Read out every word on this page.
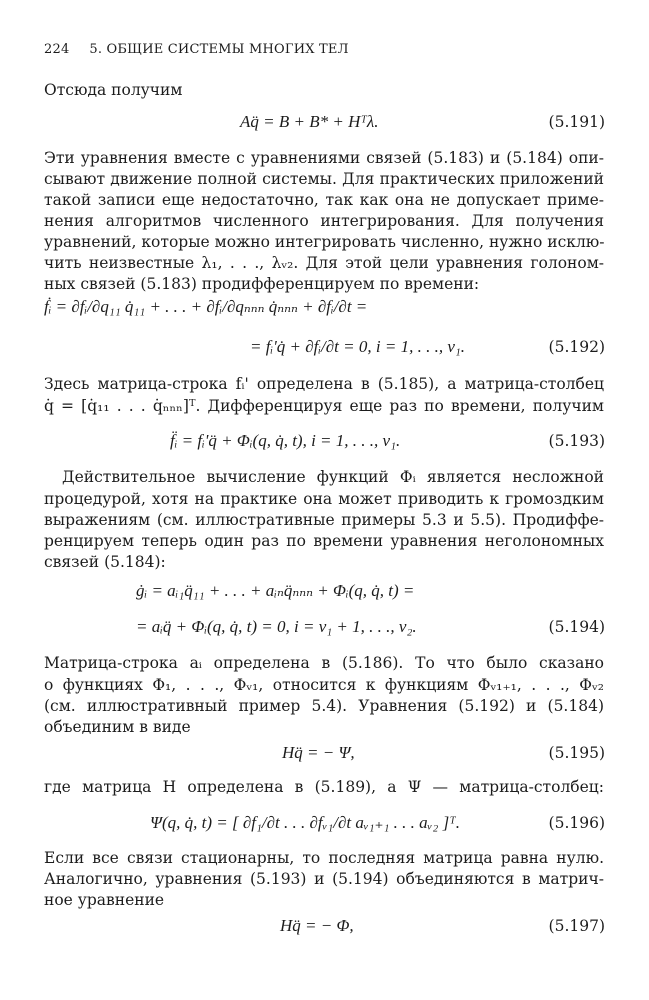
224 5. ОБЩИЕ СИСТЕМЫ МНОГИХ ТЕЛ
Отсюда получим
Aq̈ = B + B* + Hᵀλ.	(5.191)
Эти уравнения вместе с уравнениями связей (5.183) и (5.184) опи-
сывают движение полной системы. Для практических приложений
такой записи еще недостаточно, так как она не допускает приме-
нения алгоритмов численного интегрирования. Для получения
уравнений, которые можно интегрировать численно, нужно исклю-
чить неизвестные λ₁, . . ., λᵥ₂. Для этой цели уравнения голоном-
ных связей (5.183) продифференцируем по времени:
ḟᵢ = ∂fᵢ/∂q₁₁ q̇₁₁ + . . . + ∂fᵢ/∂qₙₙₙ q̇ₙₙₙ + ∂fᵢ/∂t =
= fᵢ'q̇ + ∂fᵢ/∂t = 0, i = 1, . . ., ν₁.	(5.192)
Здесь матрица-строка fᵢ' определена в (5.185), а матрица-столбец
q̇ = [q̇₁₁ . . . q̇ₙₙₙ]ᵀ. Дифференцируя еще раз по времени, получим
f̈ᵢ = fᵢ'q̈ + Φᵢ(q, q̇, t), i = 1, . . ., ν₁.	(5.193)
Действительное вычисление функций Φᵢ является несложной
процедурой, хотя на практике она может приводить к громоздким
выражениям (см. иллюстративные примеры 5.3 и 5.5). Продиффе-
ренцируем теперь один раз по времени уравнения неголономных
связей (5.184):
ġᵢ = aᵢ₁q̈₁₁ + . . . + aᵢₙq̈ₙₙₙ + Φᵢ(q, q̇, t) =
= aᵢq̈ + Φᵢ(q, q̇, t) = 0, i = ν₁ + 1, . . ., ν₂.	(5.194)
Матрица-строка aᵢ определена в (5.186). То что было сказано
о функциях Φ₁, . . ., Φᵥ₁, относится к функциям Φᵥ₁₊₁, . . ., Φᵥ₂
(см. иллюстративный пример 5.4). Уравнения (5.192) и (5.184)
объединим в виде
Hq̈ = − Ψ,	(5.195)
где матрица H определена в (5.189), а Ψ — матрица-столбец:
Ψ(q, q̇, t) = [ ∂f₁/∂t . . . ∂fᵥ₁/∂t aᵥ₁₊₁ . . . aᵥ₂ ]ᵀ.	(5.196)
Если все связи стационарны, то последняя матрица равна нулю.
Аналогично, уравнения (5.193) и (5.194) объединяются в матрич-
ное уравнение
Hq̈ = − Φ,	(5.197)
